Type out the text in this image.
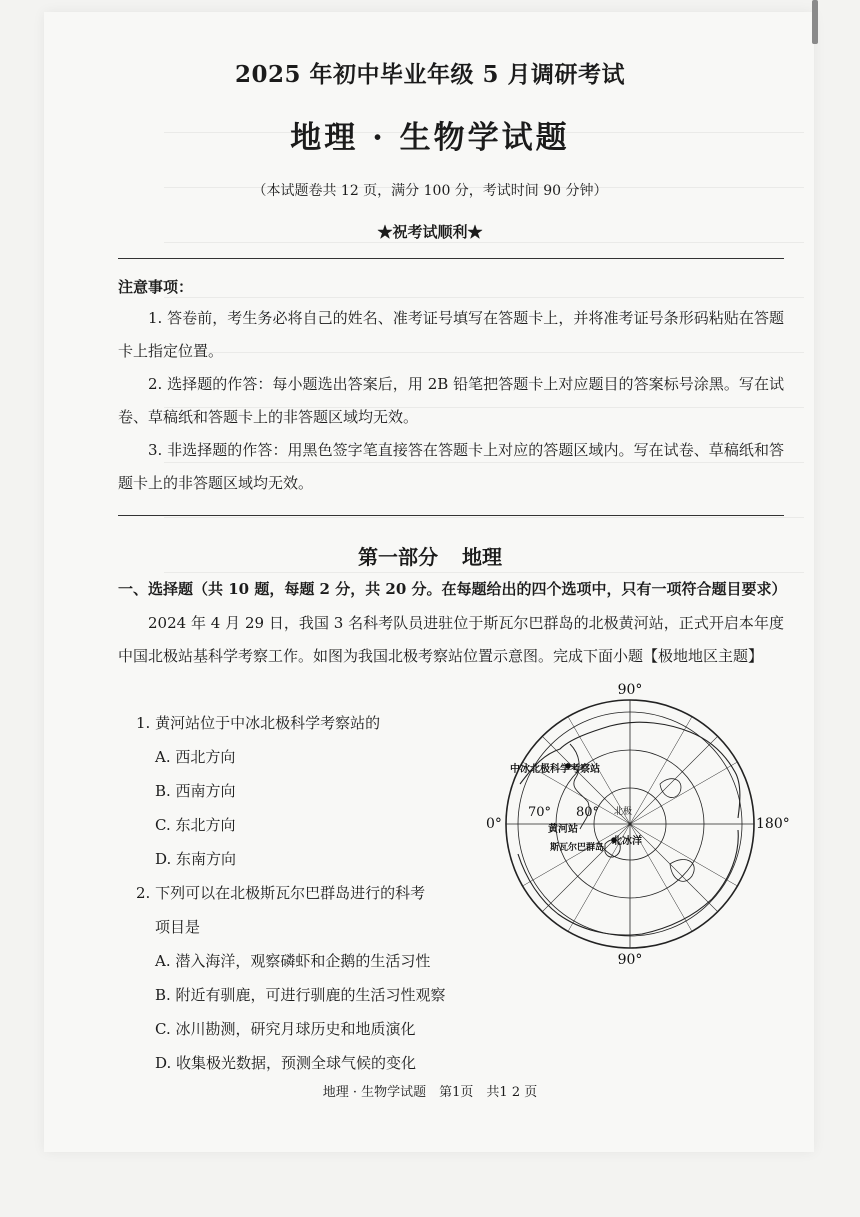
2025 年初中毕业年级 5 月调研考试
地理 · 生物学试题
（本试题卷共 12 页，满分 100 分，考试时间 90 分钟）
★祝考试顺利★
注意事项：
1. 答卷前，考生务必将自己的姓名、准考证号填写在答题卡上，并将准考证号条形码粘贴在答题卡上指定位置。
2. 选择题的作答：每小题选出答案后，用 2B 铅笔把答题卡上对应题目的答案标号涂黑。写在试卷、草稿纸和答题卡上的非答题区域均无效。
3. 非选择题的作答：用黑色签字笔直接答在答题卡上对应的答题区域内。写在试卷、草稿纸和答题卡上的非答题区域均无效。
第一部分 地理
一、选择题（共 10 题，每题 2 分，共 20 分。在每题给出的四个选项中，只有一项符合题目要求）
2024 年 4 月 29 日，我国 3 名科考队员进驻位于斯瓦尔巴群岛的北极黄河站，正式开启本年度中国北极站基科学考察工作。如图为我国北极考察站位置示意图。完成下面小题【极地地区主题】
1. 黄河站位于中冰北极科学考察站的
A. 西北方向
B. 西南方向
C. 东北方向
D. 东南方向
2. 下列可以在北极斯瓦尔巴群岛进行的科考
项目是
A. 潜入海洋，观察磷虾和企鹅的生活习性
B. 附近有驯鹿，可进行驯鹿的生活习性观察
C. 冰川勘测，研究月球历史和地质演化
D. 收集极光数据，预测全球气候的变化
90°
90°
0°	180°
70° 80°
中冰北极科学考察站
黄河站
斯瓦尔巴群岛
北极
北冰洋
地理 · 生物学试题　第1页　共1 2 页
